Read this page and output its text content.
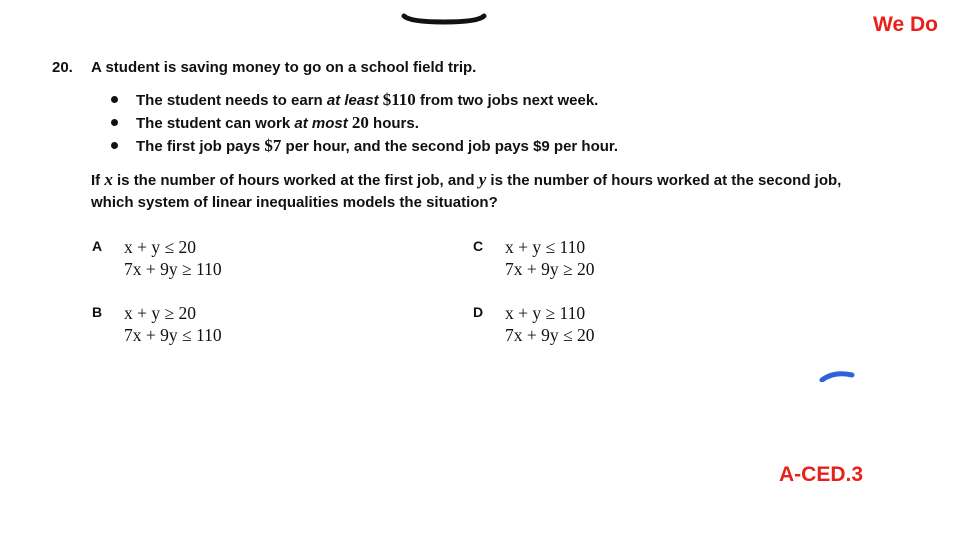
We Do
20. A student is saving money to go on a school field trip.
The student needs to earn at least $110 from two jobs next week.
The student can work at most 20 hours.
The first job pays $7 per hour, and the second job pays $9 per hour.
If x is the number of hours worked at the first job, and y is the number of hours worked at the second job, which system of linear inequalities models the situation?
A x + y ≤ 20
7x + 9y ≥ 110
B x + y ≥ 20
7x + 9y ≤ 110
C x + y ≤ 110
7x + 9y ≥ 20
D x + y ≥ 110
7x + 9y ≤ 20
A-CED.3
